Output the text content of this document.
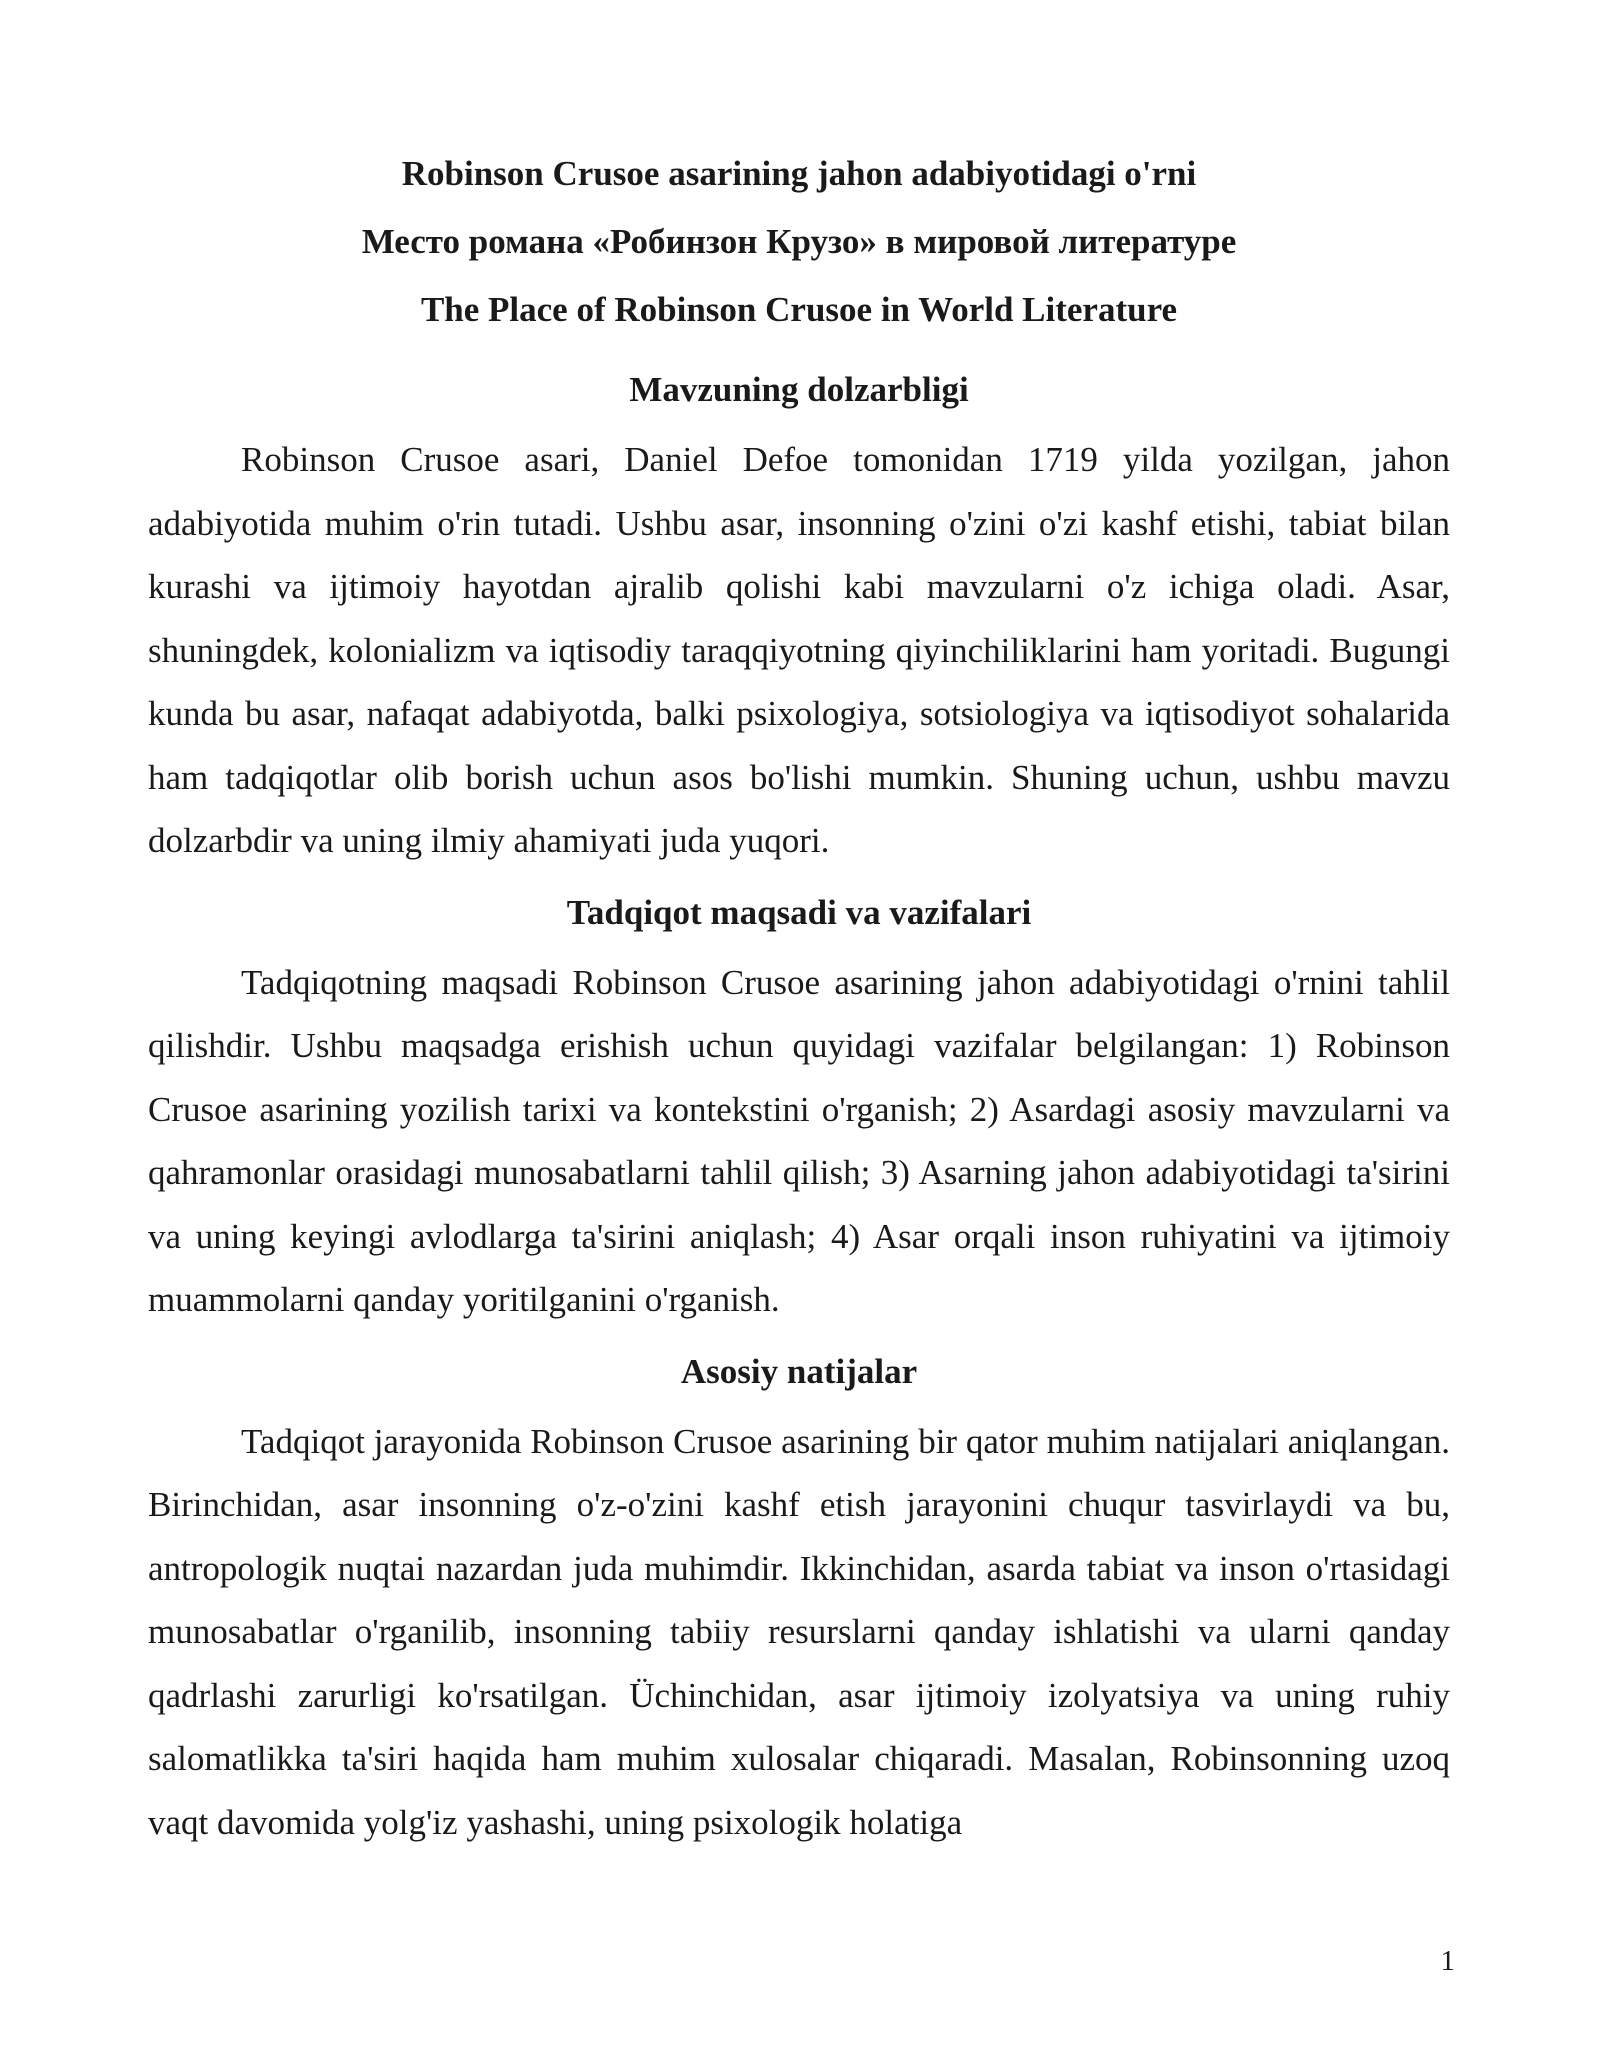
Robinson Crusoe asarining jahon adabiyotidagi o'rni

Место романа «Робинзон Крузо» в мировой литературе

The Place of Robinson Crusoe in World Literature

Mavzuning dolzarbligi

Robinson Crusoe asari, Daniel Defoe tomonidan 1719 yilda yozilgan, jahon adabiyotida muhim o'rin tutadi. Ushbu asar, insonning o'zini o'zi kashf etishi, tabiat bilan kurashi va ijtimoiy hayotdan ajralib qolishi kabi mavzularni o'z ichiga oladi. Asar, shuningdek, kolonializm va iqtisodiy taraqqiyotning qiyinchiliklarini ham yoritadi. Bugungi kunda bu asar, nafaqat adabiyotda, balki psixologiya, sotsiologiya va iqtisodiyot sohalarida ham tadqiqotlar olib borish uchun asos bo'lishi mumkin. Shuning uchun, ushbu mavzu dolzarbdir va uning ilmiy ahamiyati juda yuqori.

Tadqiqot maqsadi va vazifalari

Tadqiqotning maqsadi Robinson Crusoe asarining jahon adabiyotidagi o'rnini tahlil qilishdir. Ushbu maqsadga erishish uchun quyidagi vazifalar belgilangan: 1) Robinson Crusoe asarining yozilish tarixi va kontekstini o'rganish; 2) Asardagi asosiy mavzularni va qahramonlar orasidagi munosabatlarni tahlil qilish; 3) Asarning jahon adabiyotidagi ta'sirini va uning keyingi avlodlarga ta'sirini aniqlash; 4) Asar orqali inson ruhiyatini va ijtimoiy muammolarni qanday yoritilganini o'rganish.

Asosiy natijalar

Tadqiqot jarayonida Robinson Crusoe asarining bir qator muhim natijalari aniqlangan. Birinchidan, asar insonning o'z-o'zini kashf etish jarayonini chuqur tasvirlaydi va bu, antropologik nuqtai nazardan juda muhimdir. Ikkinchidan, asarda tabiat va inson o'rtasidagi munosabatlar o'rganilib, insonning tabiiy resurslarni qanday ishlatishi va ularni qanday qadrlashi zarurligi ko'rsatilgan. Üchinchidan, asar ijtimoiy izolyatsiya va uning ruhiy salomatlikka ta'siri haqida ham muhim xulosalar chiqaradi. Masalan, Robinsonning uzoq vaqt davomida yolg'iz yashashi, uning psixologik holatiga

1
